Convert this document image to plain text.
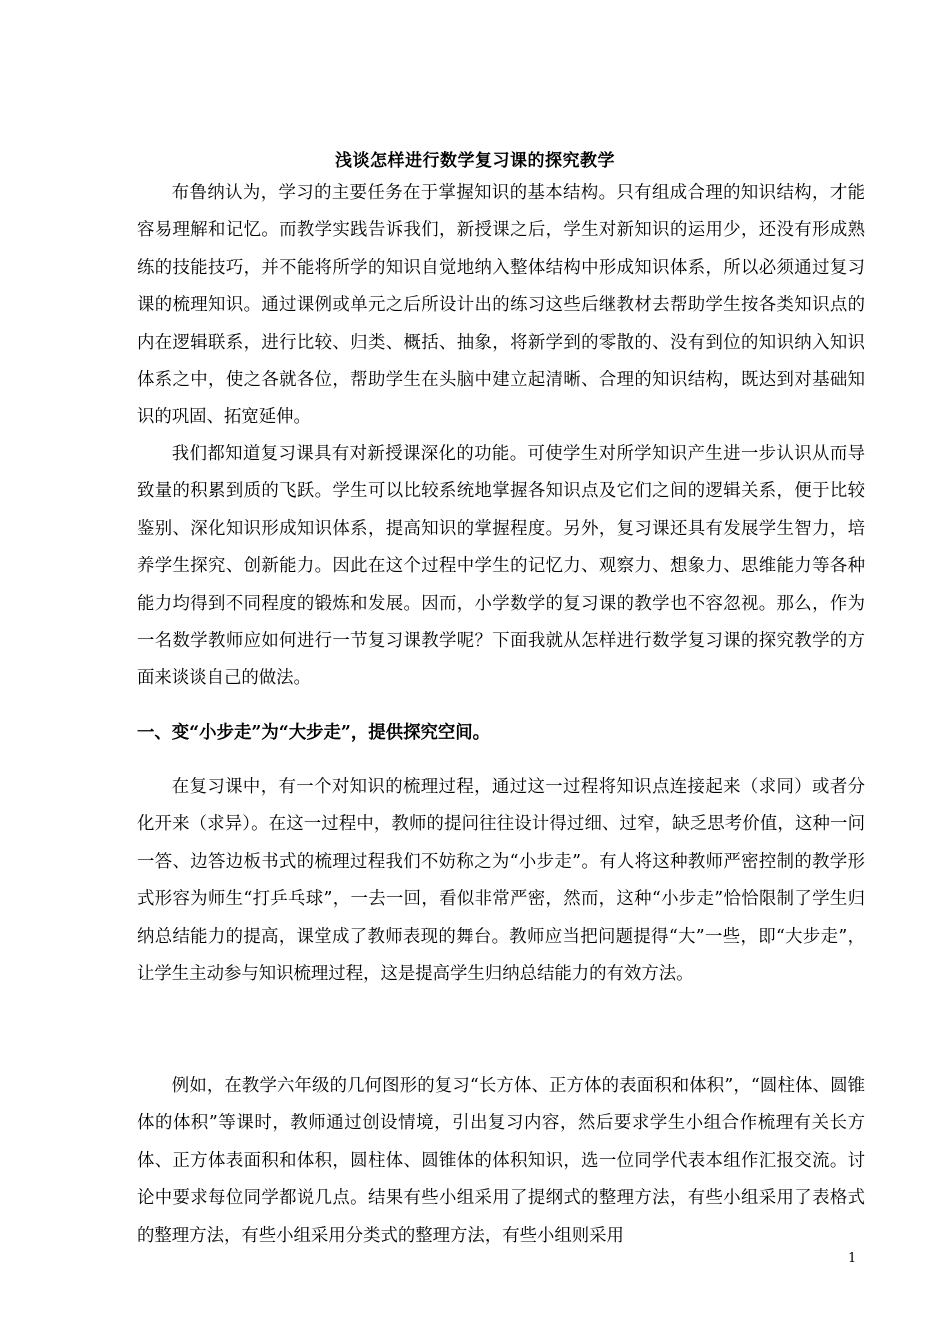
浅谈怎样进行数学复习课的探究教学

布鲁纳认为，学习的主要任务在于掌握知识的基本结构。只有组成合理的知识结构，才能容易理解和记忆。而教学实践告诉我们，新授课之后，学生对新知识的运用少，还没有形成熟练的技能技巧，并不能将所学的知识自觉地纳入整体结构中形成知识体系，所以必须通过复习课的梳理知识。通过课例或单元之后所设计出的练习这些后继教材去帮助学生按各类知识点的内在逻辑联系，进行比较、归类、概括、抽象，将新学到的零散的、没有到位的知识纳入知识体系之中，使之各就各位，帮助学生在头脑中建立起清晰、合理的知识结构，既达到对基础知识的巩固、拓宽延伸。

我们都知道复习课具有对新授课深化的功能。可使学生对所学知识产生进一步认识从而导致量的积累到质的飞跃。学生可以比较系统地掌握各知识点及它们之间的逻辑关系，便于比较鉴别、深化知识形成知识体系，提高知识的掌握程度。另外，复习课还具有发展学生智力，培养学生探究、创新能力。因此在这个过程中学生的记忆力、观察力、想象力、思维能力等各种能力均得到不同程度的锻炼和发展。因而，小学数学的复习课的教学也不容忽视。那么，作为一名数学教师应如何进行一节复习课教学呢？下面我就从怎样进行数学复习课的探究教学的方面来谈谈自己的做法。

一、变“小步走”为“大步走”，提供探究空间。

在复习课中，有一个对知识的梳理过程，通过这一过程将知识点连接起来（求同）或者分化开来（求异）。在这一过程中，教师的提问往往设计得过细、过窄，缺乏思考价值，这种一问一答、边答边板书式的梳理过程我们不妨称之为“小步走”。有人将这种教师严密控制的教学形式形容为师生“打乒乓球”，一去一回，看似非常严密，然而，这种“小步走”恰恰限制了学生归纳总结能力的提高，课堂成了教师表现的舞台。教师应当把问题提得“大”一些，即“大步走”，让学生主动参与知识梳理过程，这是提高学生归纳总结能力的有效方法。

例如，在教学六年级的几何图形的复习“长方体、正方体的表面积和体积”，“圆柱体、圆锥体的体积”等课时，教师通过创设情境，引出复习内容，然后要求学生小组合作梳理有关长方体、正方体表面积和体积，圆柱体、圆锥体的体积知识，选一位同学代表本组作汇报交流。讨论中要求每位同学都说几点。结果有些小组采用了提纲式的整理方法，有些小组采用了表格式的整理方法，有些小组采用分类式的整理方法，有些小组则采用

1
